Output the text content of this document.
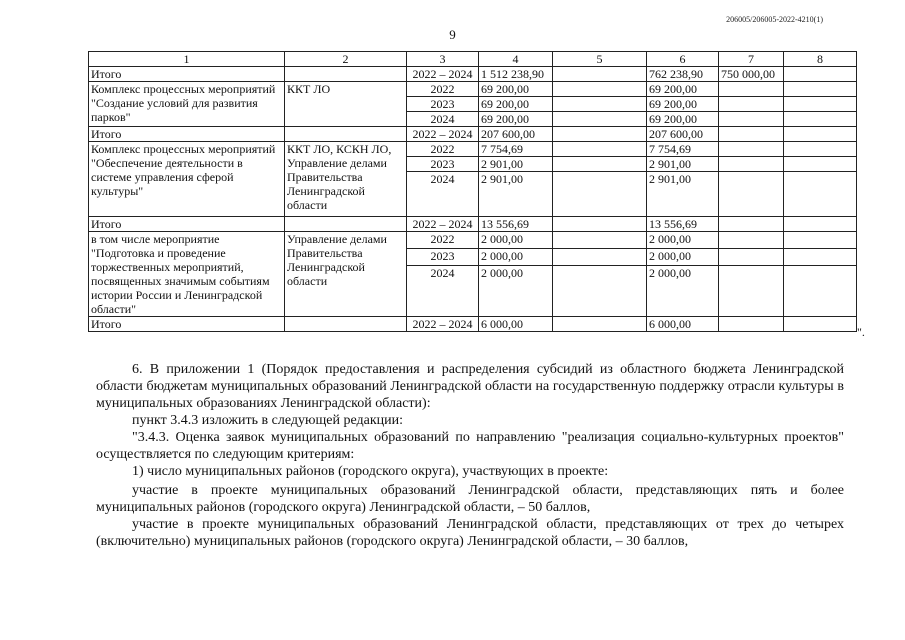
206005/206005-2022-4210(1)
9
1	2	3	4	5	6	7	8
Итого		2022 – 2024	1 512 238,90		762 238,90	750 000,00	
Комплекс процессных мероприятий "Создание условий для развития парков"	ККТ ЛО	2022	69 200,00		69 200,00		
		2023	69 200,00		69 200,00		
		2024	69 200,00		69 200,00		
Итого		2022 – 2024	207 600,00		207 600,00		
Комплекс процессных мероприятий "Обеспечение деятельности в системе управления сферой культуры"	ККТ ЛО, КСКН ЛО, Управление делами Правительства Ленинградской области	2022	7 754,69		7 754,69		
		2023	2 901,00		2 901,00		
		2024	2 901,00		2 901,00		
Итого		2022 – 2024	13 556,69		13 556,69		
в том числе мероприятие "Подготовка и проведение торжественных мероприятий, посвященных значимым событиям истории России и Ленинградской области"	Управление делами Правительства Ленинградской области	2022	2 000,00		2 000,00		
		2023	2 000,00		2 000,00		
		2024	2 000,00		2 000,00		
Итого		2022 – 2024	6 000,00		6 000,00		
".

6. В приложении 1 (Порядок предоставления и распределения субсидий из областного бюджета Ленинградской области бюджетам муниципальных образований Ленинградской области на государственную поддержку отрасли культуры в муниципальных образованиях Ленинградской области):

пункт 3.4.3 изложить в следующей редакции:

"3.4.3. Оценка заявок муниципальных образований по направлению "реализация социально-культурных проектов" осуществляется по следующим критериям:

1) число муниципальных районов (городского округа), участвующих в проекте:

участие в проекте муниципальных образований Ленинградской области, представляющих пять и более муниципальных районов (городского округа) Ленинградской области, – 50 баллов,

участие в проекте муниципальных образований Ленинградской области, представляющих от трех до четырех (включительно) муниципальных районов (городского округа) Ленинградской области, – 30 баллов,
